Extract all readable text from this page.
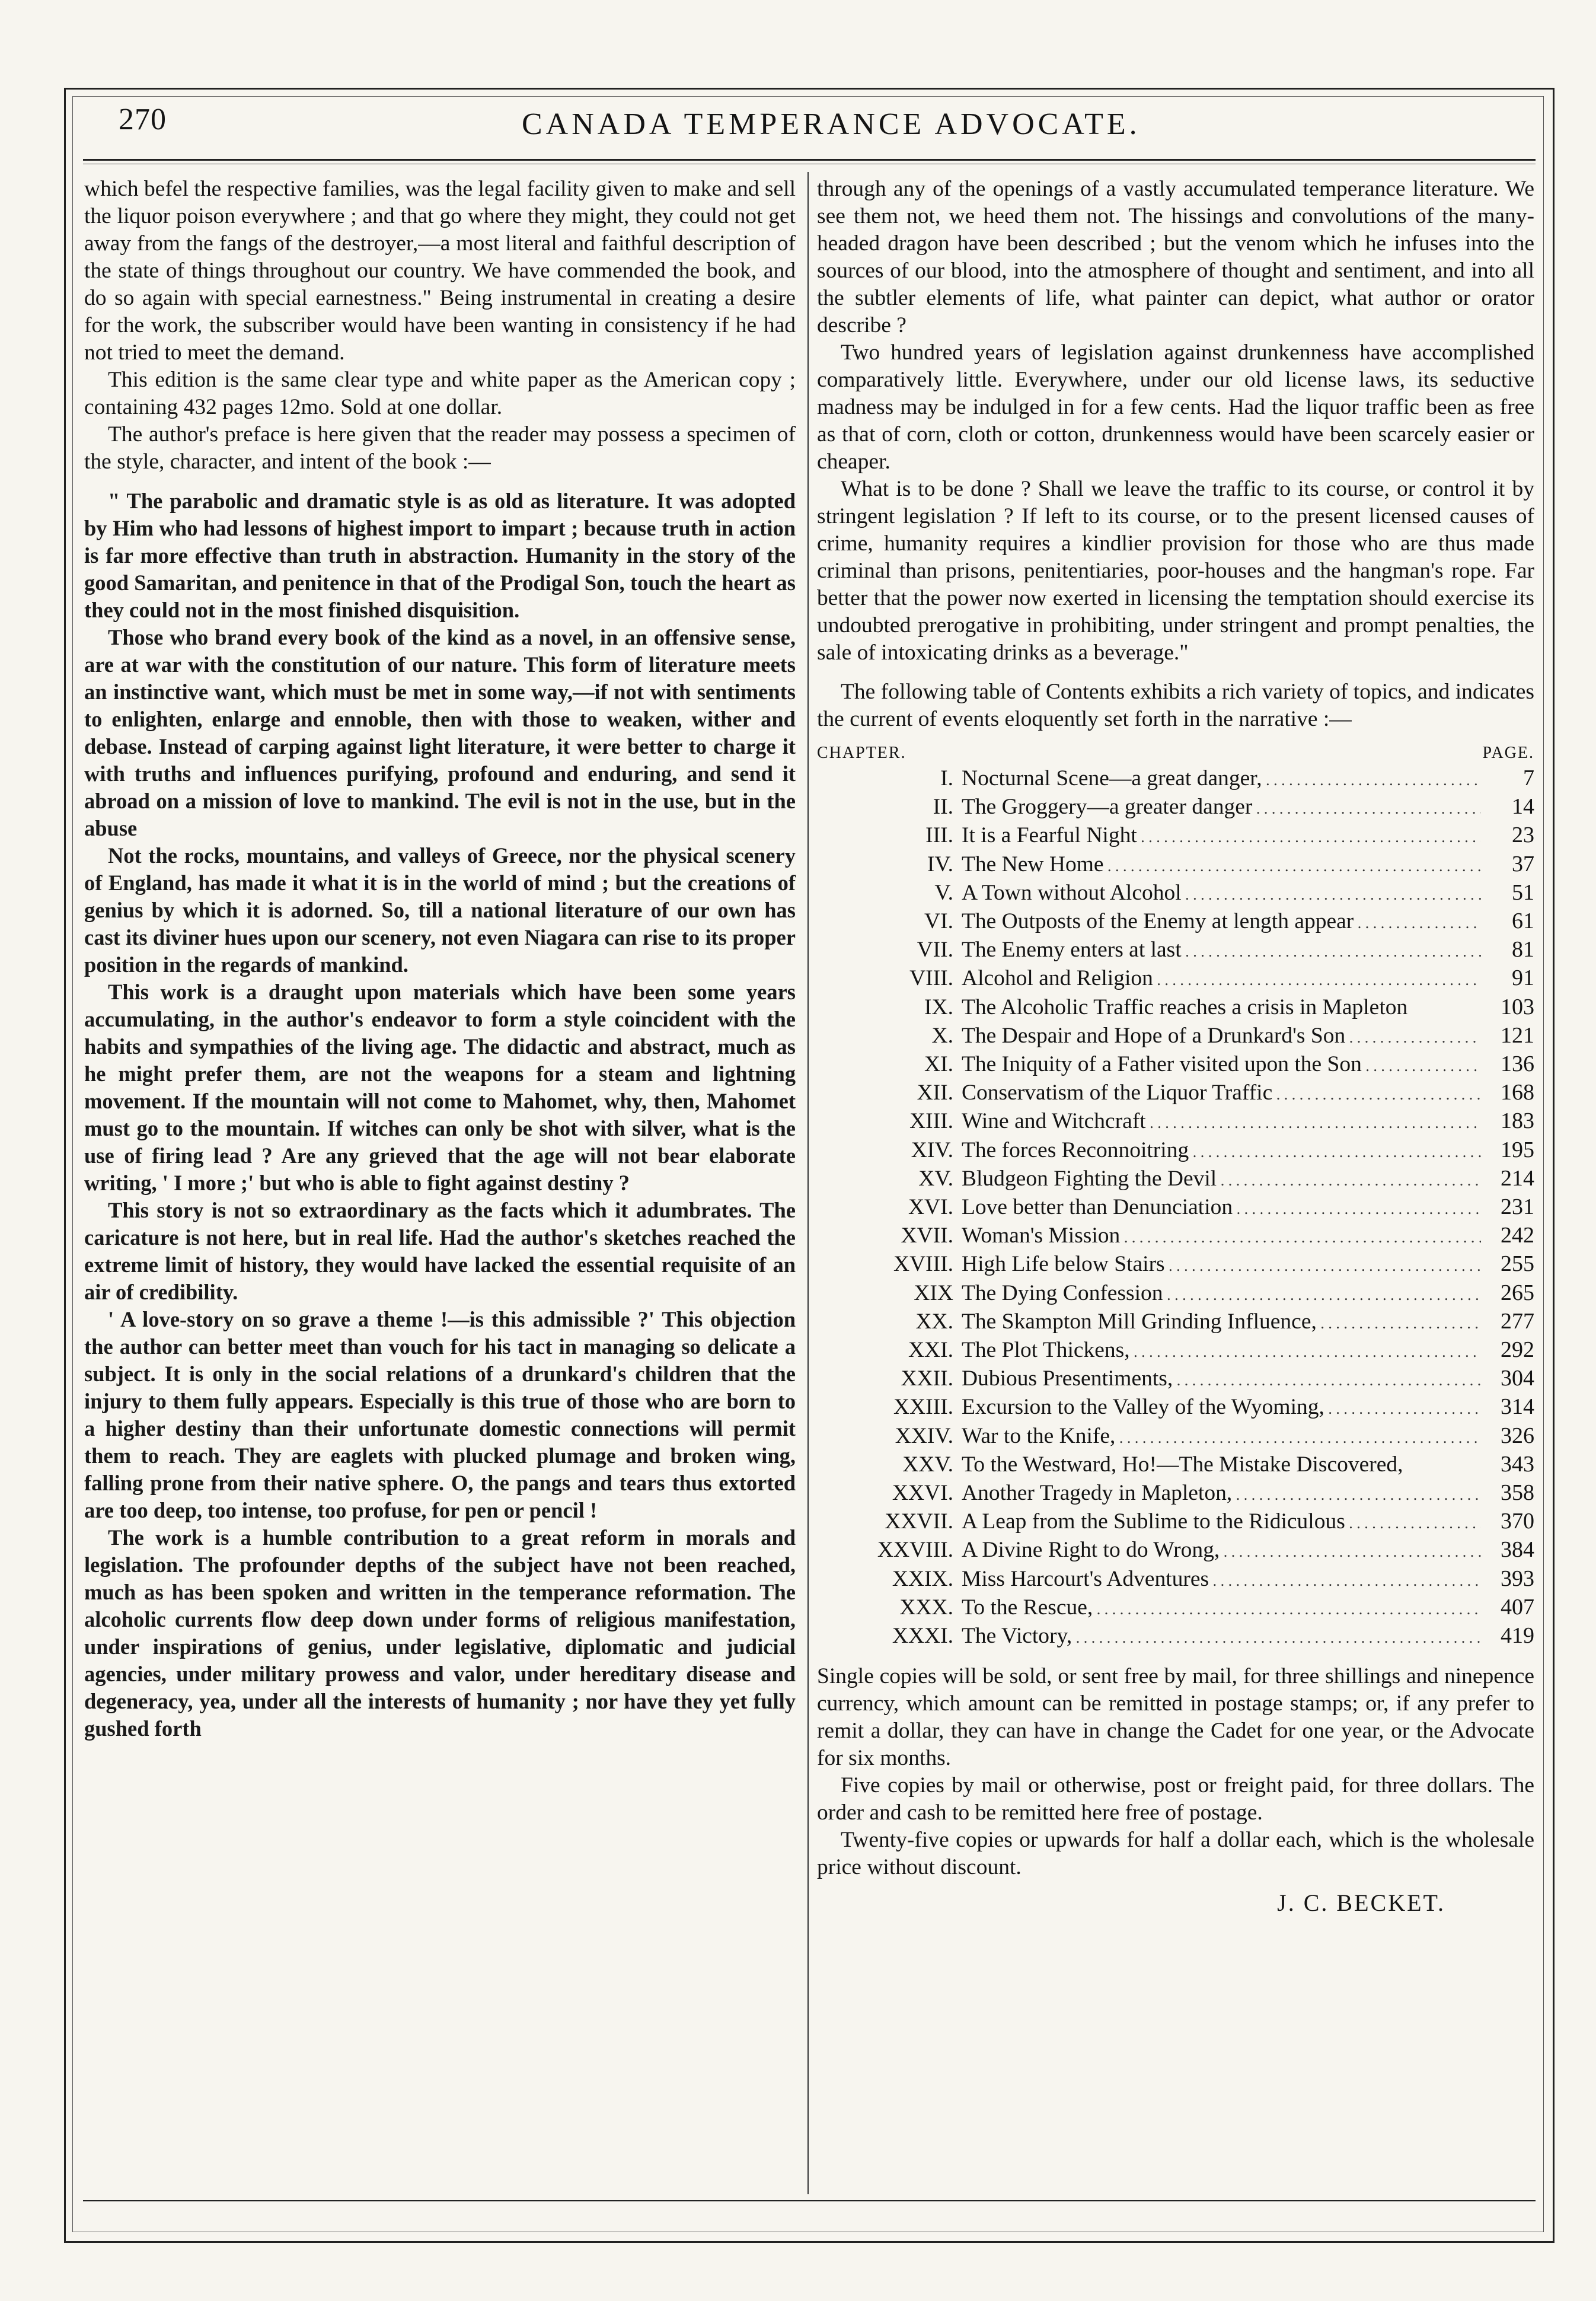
270	CANADA TEMPERANCE ADVOCATE.

which befel the respective families, was the legal facility given to make and sell the liquor poison everywhere ; and that go where they might, they could not get away from the fangs of the destroyer,—a most literal and faithful description of the state of things throughout our country. We have commended the book, and do so again with special earnestness." Being instrumental in creating a desire for the work, the subscriber would have been wanting in consistency if he had not tried to meet the demand.

This edition is the same clear type and white paper as the American copy ; containing 432 pages 12mo. Sold at one dollar.

The author's preface is here given that the reader may possess a specimen of the style, character, and intent of the book :—

" The parabolic and dramatic style is as old as literature. It was adopted by Him who had lessons of highest import to impart ; because truth in action is far more effective than truth in abstraction. Humanity in the story of the good Samaritan, and penitence in that of the Prodigal Son, touch the heart as they could not in the most finished disquisition.

Those who brand every book of the kind as a novel, in an offensive sense, are at war with the constitution of our nature. This form of literature meets an instinctive want, which must be met in some way,—if not with sentiments to enlighten, enlarge and ennoble, then with those to weaken, wither and debase. Instead of carping against light literature, it were better to charge it with truths and influences purifying, profound and enduring, and send it abroad on a mission of love to mankind. The evil is not in the use, but in the abuse

Not the rocks, mountains, and valleys of Greece, nor the physical scenery of England, has made it what it is in the world of mind ; but the creations of genius by which it is adorned. So, till a national literature of our own has cast its diviner hues upon our scenery, not even Niagara can rise to its proper position in the regards of mankind.

This work is a draught upon materials which have been some years accumulating, in the author's endeavor to form a style coincident with the habits and sympathies of the living age. The didactic and abstract, much as he might prefer them, are not the weapons for a steam and lightning movement. If the mountain will not come to Mahomet, why, then, Mahomet must go to the mountain. If witches can only be shot with silver, what is the use of firing lead ? Are any grieved that the age will not bear elaborate writing, ' I more ;' but who is able to fight against destiny ?

This story is not so extraordinary as the facts which it adumbrates. The caricature is not here, but in real life. Had the author's sketches reached the extreme limit of history, they would have lacked the essential requisite of an air of credibility.

' A love-story on so grave a theme !—is this admissible ?' This objection the author can better meet than vouch for his tact in managing so delicate a subject. It is only in the social relations of a drunkard's children that the injury to them fully appears. Especially is this true of those who are born to a higher destiny than their unfortunate domestic connections will permit them to reach. They are eaglets with plucked plumage and broken wing, falling prone from their native sphere. O, the pangs and tears thus extorted are too deep, too intense, too profuse, for pen or pencil !

The work is a humble contribution to a great reform in morals and legislation. The profounder depths of the subject have not been reached, much as has been spoken and written in the temperance reformation. The alcoholic currents flow deep down under forms of religious manifestation, under inspirations of genius, under legislative, diplomatic and judicial agencies, under military prowess and valor, under hereditary disease and degeneracy, yea, under all the interests of humanity ; nor have they yet fully gushed forth

through any of the openings of a vastly accumulated temperance literature. We see them not, we heed them not. The hissings and convolutions of the many-headed dragon have been described ; but the venom which he infuses into the sources of our blood, into the atmosphere of thought and sentiment, and into all the subtler elements of life, what painter can depict, what author or orator describe ?

Two hundred years of legislation against drunkenness have accomplished comparatively little. Everywhere, under our old license laws, its seductive madness may be indulged in for a few cents. Had the liquor traffic been as free as that of corn, cloth or cotton, drunkenness would have been scarcely easier or cheaper.

What is to be done ? Shall we leave the traffic to its course, or control it by stringent legislation ? If left to its course, or to the present licensed causes of crime, humanity requires a kindlier provision for those who are thus made criminal than prisons, penitentiaries, poor-houses and the hangman's rope. Far better that the power now exerted in licensing the temptation should exercise its undoubted prerogative in prohibiting, under stringent and prompt penalties, the sale of intoxicating drinks as a beverage."

The following table of Contents exhibits a rich variety of topics, and indicates the current of events eloquently set forth in the narrative :—

CHAPTER.	PAGE.
I. Nocturnal Scene—a great danger, . . .	7
II. The Groggery—a greater danger . . .	14
III. It is a Fearful Night . . .	23
IV. The New Home . . .	37
V. A Town without Alcohol . . .	51
VI. The Outposts of the Enemy at length appear . . .	61
VII. The Enemy enters at last . . .	81
VIII. Alcohol and Religion . . .	91
IX. The Alcoholic Traffic reaches a crisis in Mapleton	103
X. The Despair and Hope of a Drunkard's Son . . .	121
XI. The Iniquity of a Father visited upon the Son . . .	136
XII. Conservatism of the Liquor Traffic . . .	168
XIII. Wine and Witchcraft . . .	183
XIV. The forces Reconnoitring . . .	195
XV. Bludgeon Fighting the Devil . . .	214
XVI. Love better than Denunciation . . .	231
XVII. Woman's Mission . . .	242
XVIII. High Life below Stairs . . .	255
XIX The Dying Confession . . .	265
XX. The Skampton Mill Grinding Influence, . . .	277
XXI. The Plot Thickens, . . .	292
XXII. Dubious Presentiments, . . .	304
XXIII. Excursion to the Valley of the Wyoming, . . .	314
XXIV. War to the Knife, . . .	326
XXV. To the Westward, Ho!—The Mistake Discovered,	343
XXVI. Another Tragedy in Mapleton, . . .	358
XXVII. A Leap from the Sublime to the Ridiculous . . .	370
XXVIII. A Divine Right to do Wrong, . . .	384
XXIX. Miss Harcourt's Adventures . . .	393
XXX. To the Rescue, . . .	407
XXXI. The Victory, . . .	419

Single copies will be sold, or sent free by mail, for three shillings and ninepence currency, which amount can be remitted in postage stamps; or, if any prefer to remit a dollar, they can have in change the Cadet for one year, or the Advocate for six months.

Five copies by mail or otherwise, post or freight paid, for three dollars. The order and cash to be remitted here free of postage.

Twenty-five copies or upwards for half a dollar each, which is the wholesale price without discount.

J. C. BECKET.
